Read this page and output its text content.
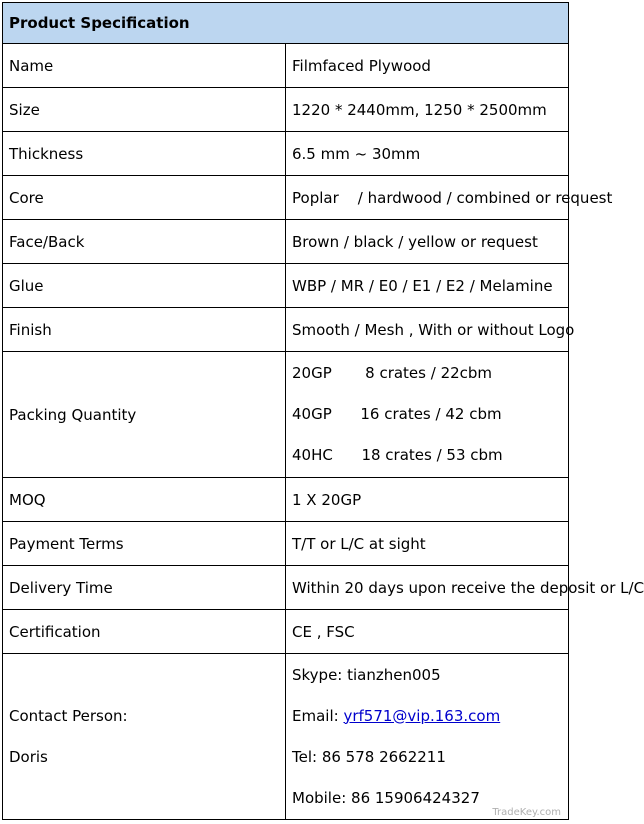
Product Specification	
Name	Filmfaced Plywood
Size	1220 * 2440mm, 1250 * 2500mm
Thickness	6.5 mm ~ 30mm
Core	Poplar    / hardwood / combined or request
Face/Back	Brown / black / yellow or request
Glue	WBP / MR / E0 / E1 / E2 / Melamine
Finish	Smooth / Mesh , With or without Logo
Packing Quantity	20GP       8 crates / 22cbm
40GP      16 crates / 42 cbm
40HC      18 crates / 53 cbm

MOQ	1 X 20GP
Payment Terms	T/T or L/C at sight
Delivery Time	Within 20 days upon receive the deposit or L/C
Certification	CE , FSC

Contact Person:
Doris	Skype: tianzhen005
Email: yrf571@vip.163.com
Tel: 86 578 2662211
Mobile: 86 15906424327
TradeKey.com
